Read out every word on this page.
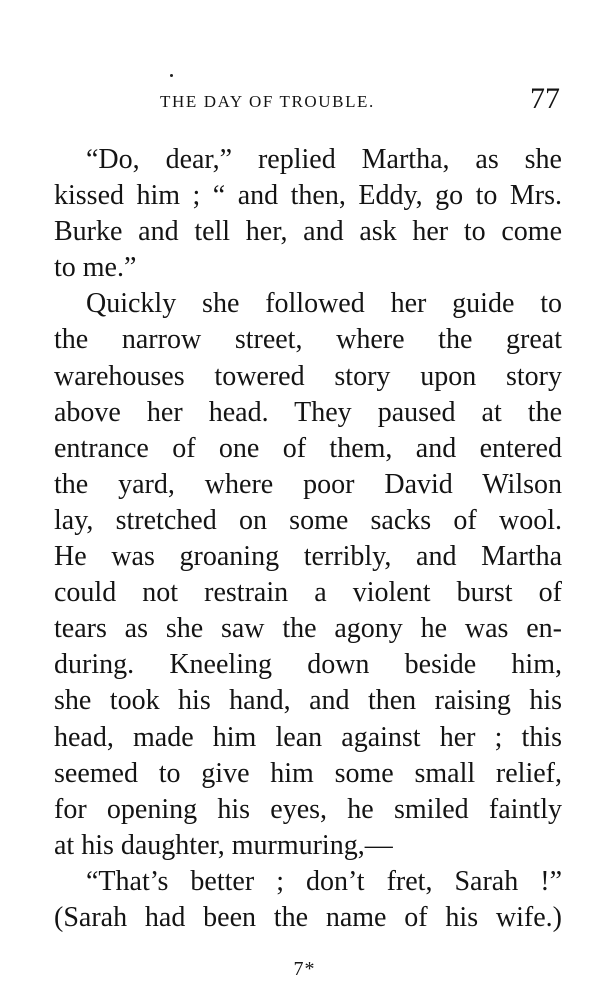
THE DAY OF TROUBLE.	77
“Do, dear,” replied Martha, as she
kissed him ; “ and then, Eddy, go to Mrs.
Burke and tell her, and ask her to come
to me.”
Quickly she followed her guide to
the narrow street, where the great
warehouses towered story upon story
above her head. They paused at the
entrance of one of them, and entered
the yard, where poor David Wilson
lay, stretched on some sacks of wool.
He was groaning terribly, and Martha
could not restrain a violent burst of
tears as she saw the agony he was en-
during. Kneeling down beside him,
she took his hand, and then raising his
head, made him lean against her ; this
seemed to give him some small relief,
for opening his eyes, he smiled faintly
at his daughter, murmuring,—
“That’s better ; don’t fret, Sarah !”
(Sarah had been the name of his wife.)
7*
